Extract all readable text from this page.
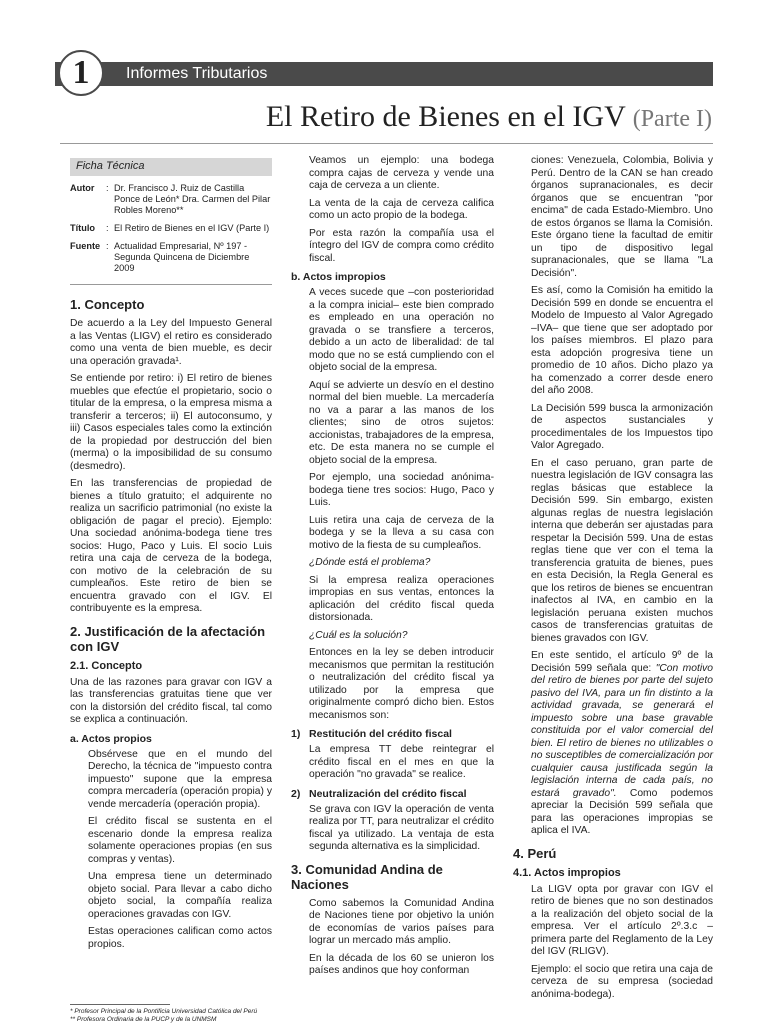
1	Informes Tributarios
El Retiro de Bienes en el IGV (Parte I)
Ficha Técnica
Autor	: Dr. Francisco J. Ruiz de Castilla Ponce de León* Dra. Carmen del Pilar Robles Moreno**
Título	: El Retiro de Bienes en el IGV (Parte I)
Fuente : Actualidad Empresarial, Nº 197 - Segunda Quincena de Diciembre 2009
1. Concepto

De acuerdo a la Ley del Impuesto General a las Ventas (LIGV) el retiro es considerado como una venta de bien mueble, es decir una operación gravada¹.

Se entiende por retiro: i) El retiro de bienes muebles que efectúe el propietario, socio o titular de la empresa, o la empresa misma a transferir a terceros; ii) El autoconsumo, y iii) Casos especiales tales como la extinción de la propiedad por destrucción del bien (merma) o la imposibilidad de su consumo (desmedro).

En las transferencias de propiedad de bienes a título gratuito; el adquirente no realiza un sacrificio patrimonial (no existe la obligación de pagar el precio). Ejemplo: Una sociedad anónima-bodega tiene tres socios: Hugo, Paco y Luis. El socio Luis retira una caja de cerveza de la bodega, con motivo de la celebración de su cumpleaños. Este retiro de bien se encuentra gravado con el IGV. El contribuyente es la empresa.

2. Justificación de la afectación con IGV
2.1. Concepto

Una de las razones para gravar con IGV a las transferencias gratuitas tiene que ver con la distorsión del crédito fiscal, tal como se explica a continuación.

a. Actos propios

Obsérvese que en el mundo del Derecho, la técnica de "impuesto contra impuesto" supone que la empresa compra mercadería (operación propia) y vende mercadería (operación propia).

El crédito fiscal se sustenta en el escenario donde la empresa realiza solamente operaciones propias (en sus compras y ventas).

Una empresa tiene un determinado objeto social. Para llevar a cabo dicho objeto social, la compañía realiza operaciones gravadas con IGV.

Estas operaciones califican como actos propios.

* Profesor Principal de la Pontificia Universidad Católica del Perú
** Profesora Ordinaria de la PUCP y de la UNMSM

Veamos un ejemplo: una bodega compra cajas de cerveza y vende una caja de cerveza a un cliente.

La venta de la caja de cerveza califica como un acto propio de la bodega.

Por esta razón la compañía usa el íntegro del IGV de compra como crédito fiscal.

b. Actos impropios

A veces sucede que –con posterioridad a la compra inicial– este bien comprado es empleado en una operación no gravada o se transfiere a terceros, debido a un acto de liberalidad: de tal modo que no se está cumpliendo con el objeto social de la empresa.

Aquí se advierte un desvío en el destino normal del bien mueble. La mercadería no va a parar a las manos de los clientes; sino de otros sujetos: accionistas, trabajadores de la empresa, etc. De esta manera no se cumple el objeto social de la empresa.

Por ejemplo, una sociedad anónima-bodega tiene tres socios: Hugo, Paco y Luis.

Luis retira una caja de cerveza de la bodega y se la lleva a su casa con motivo de la fiesta de su cumpleaños.

¿Dónde está el problema?

Si la empresa realiza operaciones impropias en sus ventas, entonces la aplicación del crédito fiscal queda distorsionada.

¿Cuál es la solución?

Entonces en la ley se deben introducir mecanismos que permitan la restitución o neutralización del crédito fiscal ya utilizado por la empresa que originalmente compró dicho bien. Estos mecanismos son:

1) Restitución del crédito fiscal

La empresa TT debe reintegrar el crédito fiscal en el mes en que la operación "no gravada" se realice.

2) Neutralización del crédito fiscal

Se grava con IGV la operación de venta realiza por TT, para neutralizar el crédito fiscal ya utilizado. La ventaja de esta segunda alternativa es la simplicidad.

3. Comunidad Andina de Naciones

Como sabemos la Comunidad Andina de Naciones tiene por objetivo la unión de economías de varios países para lograr un mercado más amplio.

En la década de los 60 se unieron los países andinos que hoy conforman

ciones: Venezuela, Colombia, Bolivia y Perú. Dentro de la CAN se han creado órganos supranacionales, es decir órganos que se encuentran "por encima" de cada Estado-Miembro. Uno de estos órganos se llama la Comisión. Este órgano tiene la facultad de emitir un tipo de dispositivo legal supranacionales, que se llama "La Decisión".

Es así, como la Comisión ha emitido la Decisión 599 en donde se encuentra el Modelo de Impuesto al Valor Agregado –IVA– que tiene que ser adoptado por los países miembros. El plazo para esta adopción progresiva tiene un promedio de 10 años. Dicho plazo ya ha comenzado a correr desde enero del año 2008.

La Decisión 599 busca la armonización de aspectos sustanciales y procedimentales de los Impuestos tipo Valor Agregado.

En el caso peruano, gran parte de nuestra legislación de IGV consagra las reglas básicas que establece la Decisión 599. Sin embargo, existen algunas reglas de nuestra legislación interna que deberán ser ajustadas para respetar la Decisión 599. Una de estas reglas tiene que ver con el tema la transferencia gratuita de bienes, pues en esta Decisión, la Regla General es que los retiros de bienes se encuentran inafectos al IVA, en cambio en la legislación peruana existen muchos casos de transferencias gratuitas de bienes gravados con IGV.

En este sentido, el artículo 9º de la Decisión 599 señala que: "Con motivo del retiro de bienes por parte del sujeto pasivo del IVA, para un fin distinto a la actividad gravada, se generará el impuesto sobre una base gravable constituida por el valor comercial del bien. El retiro de bienes no utilizables o no susceptibles de comercialización por cualquier causa justificada según la legislación interna de cada país, no estará gravado". Como podemos apreciar la Decisión 599 señala que para las operaciones impropias se aplica el IVA.

4. Perú
4.1. Actos impropios

La LIGV opta por gravar con IGV el retiro de bienes que no son destinados a la realización del objeto social de la empresa. Ver el artículo 2º.3.c – primera parte del Reglamento de la Ley del IGV (RLIGV).

Ejemplo: el socio que retira una caja de cerveza de su empresa (sociedad anónima-bodega).
